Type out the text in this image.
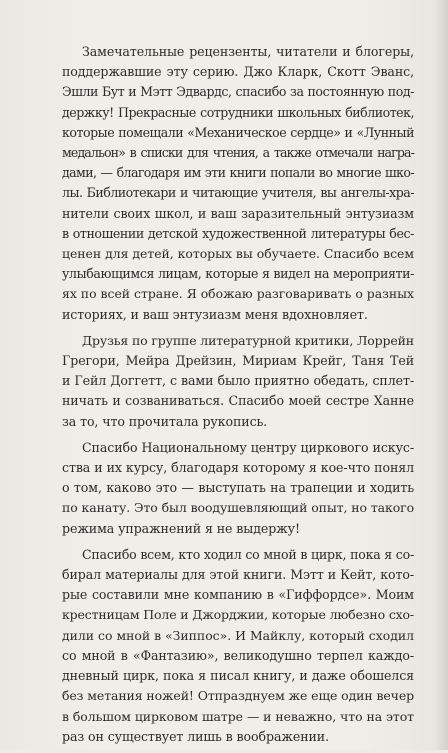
Замечательные рецензенты, читатели и блогеры,
поддержавшие эту серию. Джо Кларк, Скотт Эванс,
Эшли Бут и Мэтт Эдвардс, спасибо за постоянную под-
держку! Прекрасные сотрудники школьных библиотек,
которые помещали «Механическое сердце» и «Лунный
медальон» в списки для чтения, а также отмечали награ-
дами, — благодаря им эти книги попали во многие шко-
лы. Библиотекари и читающие учителя, вы ангелы-хра-
нители своих школ, и ваш заразительный энтузиазм
в отношении детской художественной литературы бес-
ценен для детей, которых вы обучаете. Спасибо всем
улыбающимся лицам, которые я видел на мероприяти-
ях по всей стране. Я обожаю разговаривать о разных
историях, и ваш энтузиазм меня вдохновляет.

Друзья по группе литературной критики, Лоррейн
Грегори, Мейра Дрейзин, Мириам Крейг, Таня Тей
и Гейл Доггетт, с вами было приятно обедать, сплет-
ничать и созваниваться. Спасибо моей сестре Ханне
за то, что прочитала рукопись.

Спасибо Национальному центру циркового искус-
ства и их курсу, благодаря которому я кое-что понял
о том, каково это — выступать на трапеции и ходить
по канату. Это был воодушевляющий опыт, но такого
режима упражнений я не выдержу!

Спасибо всем, кто ходил со мной в цирк, пока я со-
бирал материалы для этой книги. Мэтт и Кейт, кото-
рые составили мне компанию в «Гиффордсе». Моим
крестницам Поле и Джорджии, которые любезно схо-
дили со мной в «Зиппос». И Майклу, который сходил
со мной в «Фантазию», великодушно терпел каждо-
дневный цирк, пока я писал книгу, и даже обошелся
без метания ножей! Отпразднуем же еще один вечер
в большом цирковом шатре — и неважно, что на этот
раз он существует лишь в воображении.
